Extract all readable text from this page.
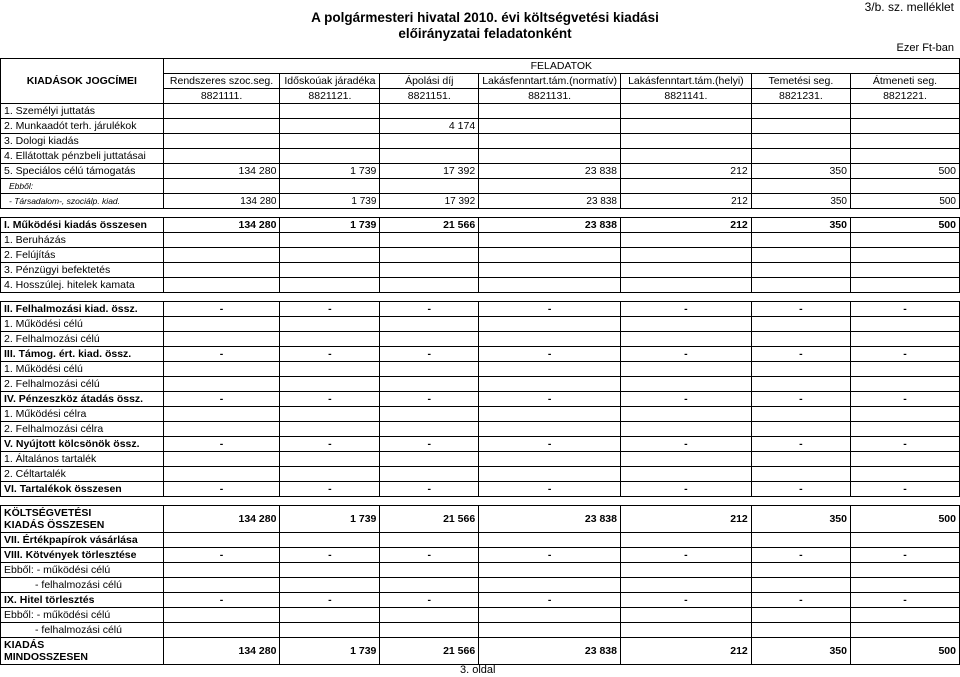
A polgármesteri hivatal 2010. évi költségvetési kiadási
előirányzatai feladatonként
3/b. sz. melléklet
Ezer Ft-ban
KIADÁSOK JOGCÍMEI	FELADATOK						
	Rendszeres szoc.seg.	Időskoúak járadéka	Ápolási díj	Lakásfenntart.tám.(normatív)	Lakásfenntart.tám.(helyi)	Temetési seg.	Átmeneti seg.
	8821111.	8821121.	8821151.	8821131.	8821141.	8821231.	8821221.
1. Személyi juttatás							
2. Munkaadót terh. járulékok			4 174				
3. Dologi kiadás							
4. Ellátottak pénzbeli juttatásai							
5. Speciálos célú támogatás	134 280	1 739	17 392	23 838	212	350	500
Ebből:							
- Társadalom-, szociálp. kiad.	134 280	1 739	17 392	23 838	212	350	500

I. Működési kiadás összesen	134 280	1 739	21 566	23 838	212	350	500
1. Beruházás							
2. Felújítás							
3. Pénzügyi befektetés							
4. Hosszúlej. hitelek kamata							

II. Felhalmozási kiad. össz.	-	-	-	-	-	-	-
1. Működési célú							
2. Felhalmozási célú							
III. Támog. ért. kiad. össz.	-	-	-	-	-	-	-
1. Működési célú							
2. Felhalmozási célú							
IV. Pénzeszköz átadás össz.	-	-	-	-	-	-	-
1. Működési célra							
2. Felhalmozási célra							
V. Nyújtott kölcsönök össz.	-	-	-	-	-	-	-
1. Általános tartalék							
2. Céltartalék							
VI. Tartalékok összesen	-	-	-	-	-	-	-

KÖLTSÉGVETÉSI
KIADÁS ÖSSZESEN	134 280	1 739	21 566	23 838	212	350	500
VII. Értékpapírok vásárlása							
VIII. Kötvények törlesztése	-	-	-	-	-	-	-
Ebből: - működési célú							
- felhalmozási célú							
IX. Hitel törlesztés	-	-	-	-	-	-	-
Ebből: - működési célú							
- felhalmozási célú							

KIADÁS
MINDOSSZESEN	134 280	1 739	21 566	23 838	212	350	500
3. oldal
